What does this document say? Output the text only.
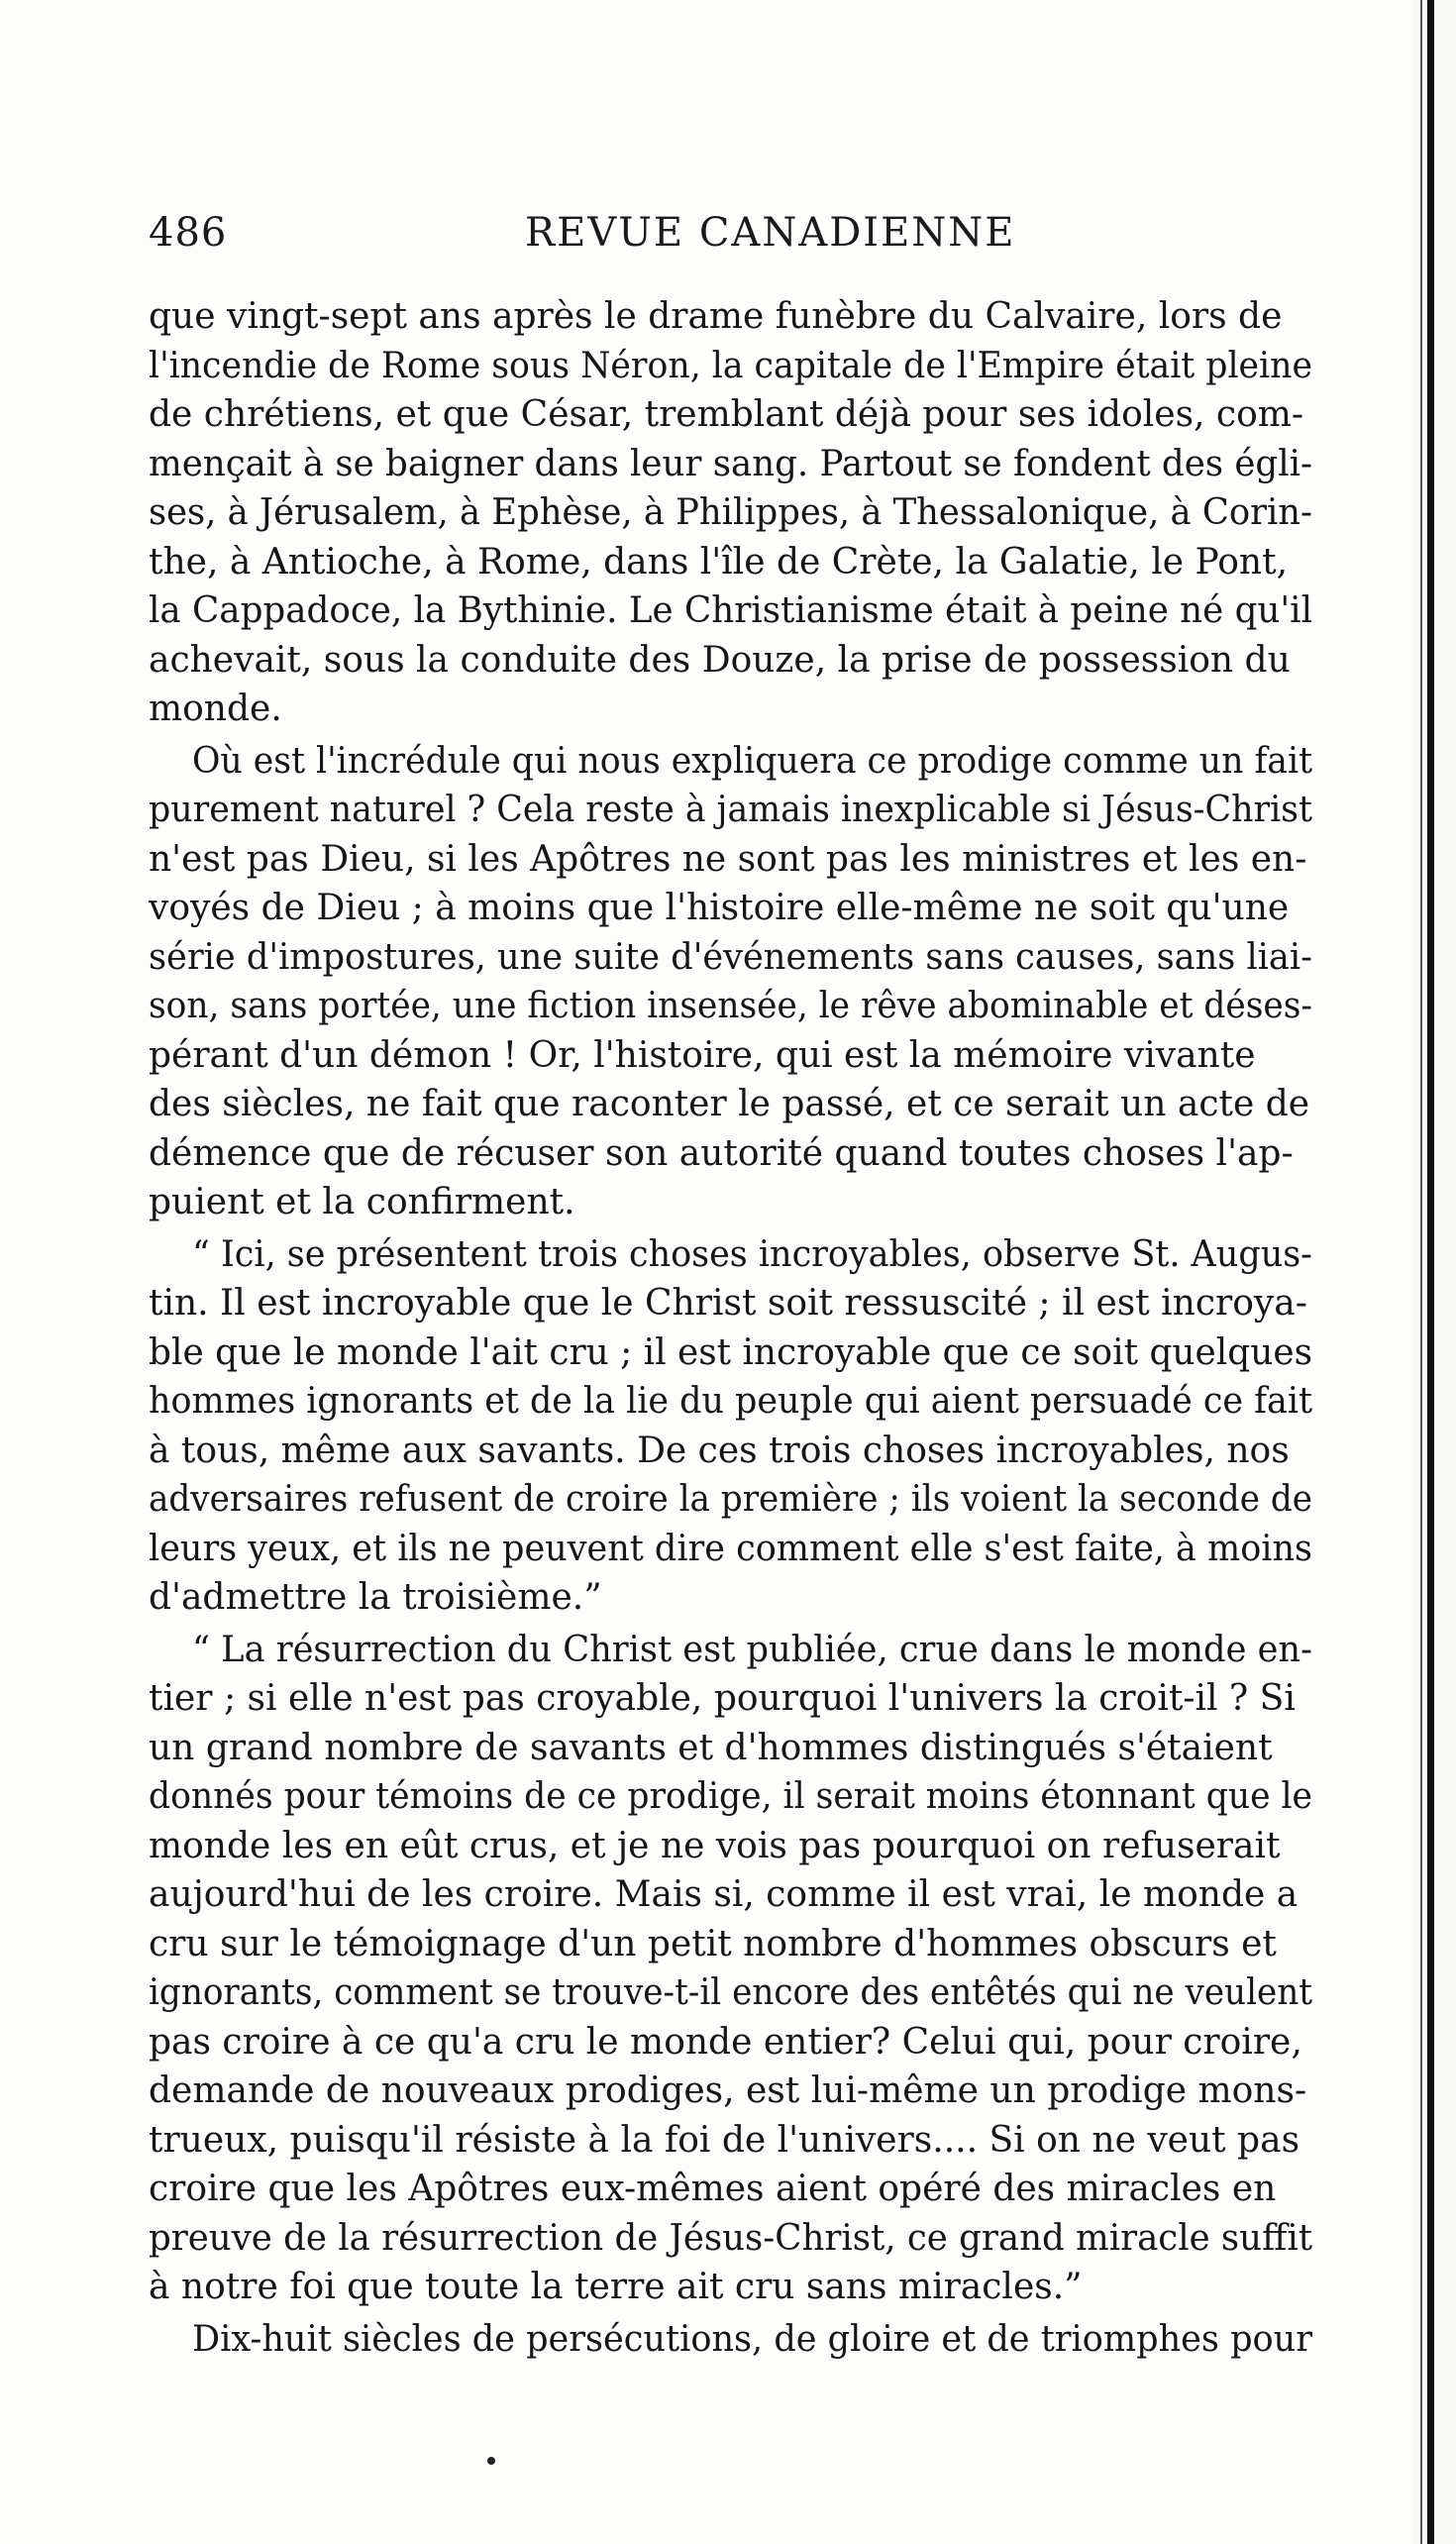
486	REVUE CANADIENNE
que vingt-sept ans après le drame funèbre du Calvaire, lors de
l'incendie de Rome sous Néron, la capitale de l'Empire était pleine
de chrétiens, et que César, tremblant déjà pour ses idoles, com-
mençait à se baigner dans leur sang. Partout se fondent des égli-
ses, à Jérusalem, à Ephèse, à Philippes, à Thessalonique, à Corin-
the, à Antioche, à Rome, dans l'île de Crète, la Galatie, le Pont,
la Cappadoce, la Bythinie. Le Christianisme était à peine né qu'il
achevait, sous la conduite des Douze, la prise de possession du
monde.
Où est l'incrédule qui nous expliquera ce prodige comme un fait
purement naturel ? Cela reste à jamais inexplicable si Jésus-Christ
n'est pas Dieu, si les Apôtres ne sont pas les ministres et les en-
voyés de Dieu ; à moins que l'histoire elle-même ne soit qu'une
série d'impostures, une suite d'événements sans causes, sans liai-
son, sans portée, une fiction insensée, le rêve abominable et déses-
pérant d'un démon ! Or, l'histoire, qui est la mémoire vivante
des siècles, ne fait que raconter le passé, et ce serait un acte de
démence que de récuser son autorité quand toutes choses l'ap-
puient et la confirment.
“ Ici, se présentent trois choses incroyables, observe St. Augus-
tin. Il est incroyable que le Christ soit ressuscité ; il est incroya-
ble que le monde l'ait cru ; il est incroyable que ce soit quelques
hommes ignorants et de la lie du peuple qui aient persuadé ce fait
à tous, même aux savants. De ces trois choses incroyables, nos
adversaires refusent de croire la première ; ils voient la seconde de
leurs yeux, et ils ne peuvent dire comment elle s'est faite, à moins
d'admettre la troisième.”
“ La résurrection du Christ est publiée, crue dans le monde en-
tier ; si elle n'est pas croyable, pourquoi l'univers la croit-il ? Si
un grand nombre de savants et d'hommes distingués s'étaient
donnés pour témoins de ce prodige, il serait moins étonnant que le
monde les en eût crus, et je ne vois pas pourquoi on refuserait
aujourd'hui de les croire. Mais si, comme il est vrai, le monde a
cru sur le témoignage d'un petit nombre d'hommes obscurs et
ignorants, comment se trouve-t-il encore des entêtés qui ne veulent
pas croire à ce qu'a cru le monde entier? Celui qui, pour croire,
demande de nouveaux prodiges, est lui-même un prodige mons-
trueux, puisqu'il résiste à la foi de l'univers.... Si on ne veut pas
croire que les Apôtres eux-mêmes aient opéré des miracles en
preuve de la résurrection de Jésus-Christ, ce grand miracle suffit
à notre foi que toute la terre ait cru sans miracles.”
Dix-huit siècles de persécutions, de gloire et de triomphes pour
